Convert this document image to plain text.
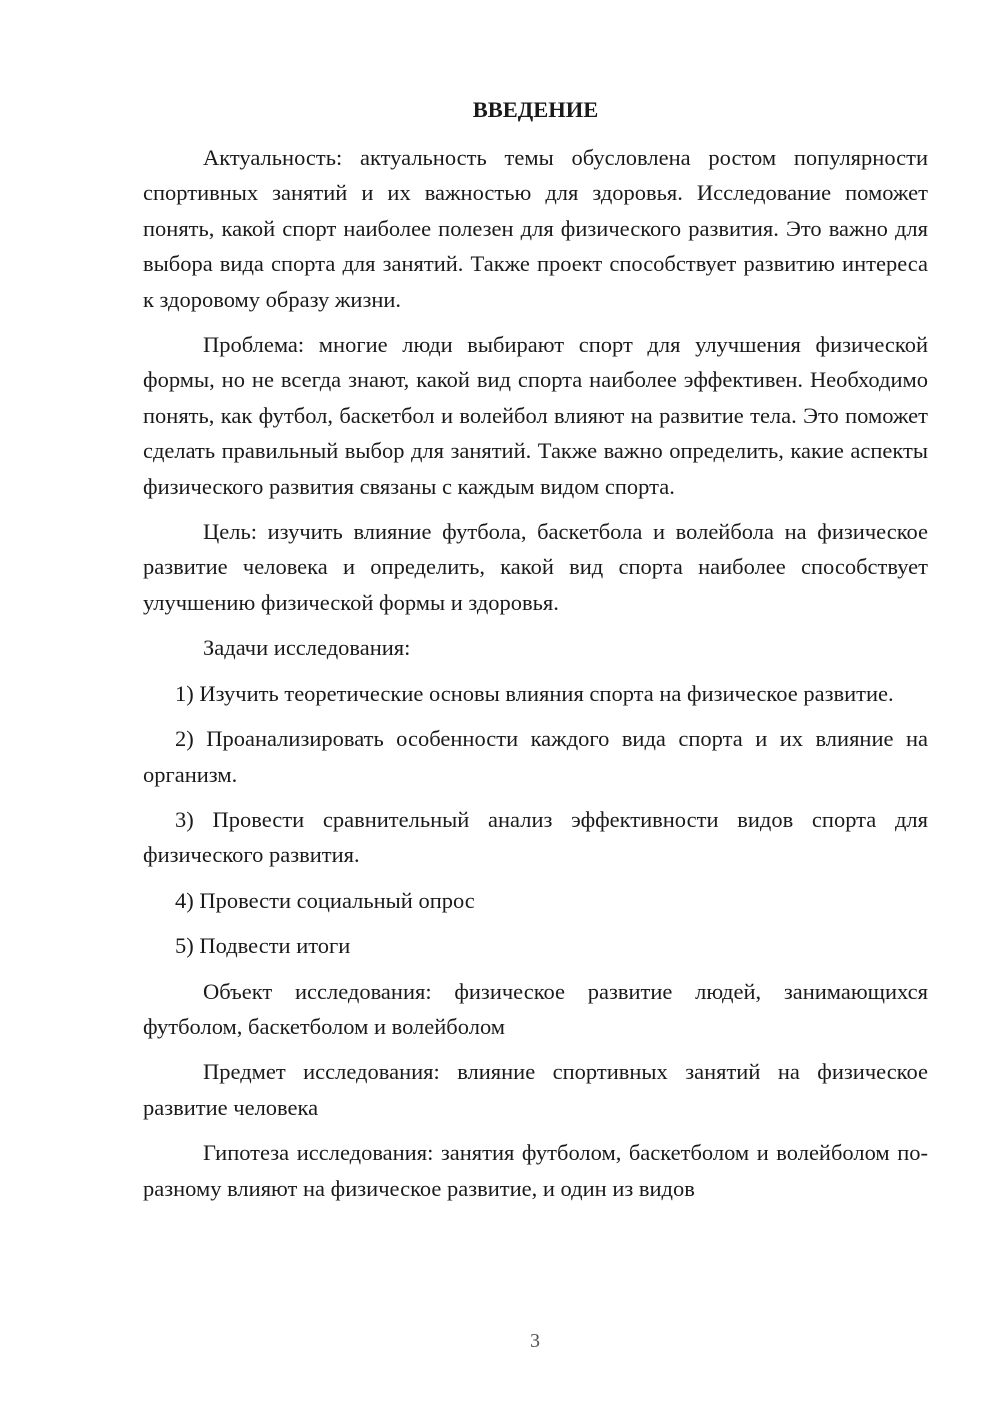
ВВЕДЕНИЕ

Актуальность: актуальность темы обусловлена ростом популярности спортивных занятий и их важностью для здоровья. Исследование поможет понять, какой спорт наиболее полезен для физического развития. Это важно для выбора вида спорта для занятий. Также проект способствует развитию интереса к здоровому образу жизни.

Проблема: многие люди выбирают спорт для улучшения физической формы, но не всегда знают, какой вид спорта наиболее эффективен. Необходимо понять, как футбол, баскетбол и волейбол влияют на развитие тела. Это поможет сделать правильный выбор для занятий. Также важно определить, какие аспекты физического развития связаны с каждым видом спорта.

Цель: изучить влияние футбола, баскетбола и волейбола на физическое развитие человека и определить, какой вид спорта наиболее способствует улучшению физической формы и здоровья.

Задачи исследования:

1) Изучить теоретические основы влияния спорта на физическое развитие.

2) Проанализировать особенности каждого вида спорта и их влияние на организм.

3) Провести сравнительный анализ эффективности видов спорта для физического развития.

4) Провести социальный опрос

5) Подвести итоги

Объект исследования: физическое развитие людей, занимающихся футболом, баскетболом и волейболом

Предмет исследования: влияние спортивных занятий на физическое развитие человека

Гипотеза исследования: занятия футболом, баскетболом и волейболом по-разному влияют на физическое развитие, и один из видов

3
